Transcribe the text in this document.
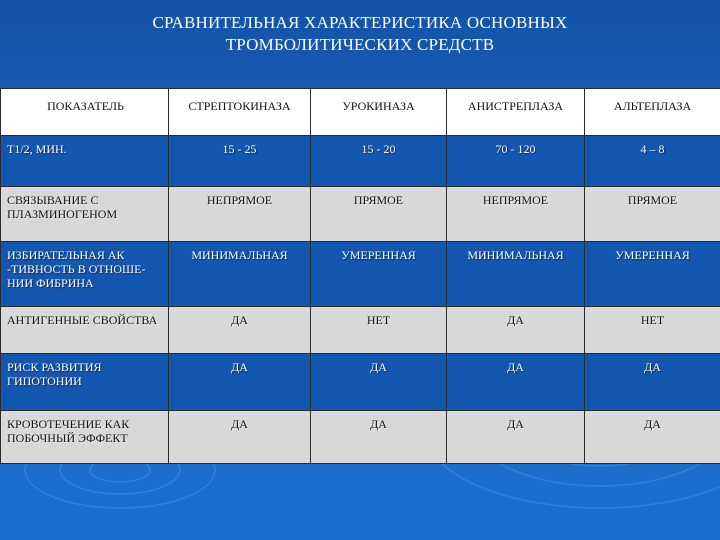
СРАВНИТЕЛЬНАЯ ХАРАКТЕРИСТИКА ОСНОВНЫХ
ТРОМБОЛИТИЧЕСКИХ СРЕДСТВ
ПОКАЗАТЕЛЬ	СТРЕПТОКИНАЗА	УРОКИНАЗА	АНИСТРЕПЛАЗА	АЛЬТЕПЛАЗА
Т1/2, МИН.	15 - 25	15 - 20	70 - 120	4 – 8
СВЯЗЫВАНИЕ С ПЛАЗМИНОГЕНОМ	НЕПРЯМОЕ	ПРЯМОЕ	НЕПРЯМОЕ	ПРЯМОЕ
ИЗБИРАТЕЛЬНАЯ АК -ТИВНОСТЬ В ОТНОШЕ-НИИ ФИБРИНА	МИНИМАЛЬНАЯ	УМЕРЕННАЯ	МИНИМАЛЬНАЯ	УМЕРЕННАЯ
АНТИГЕННЫЕ СВОЙСТВА	ДА	НЕТ	ДА	НЕТ
РИСК РАЗВИТИЯ ГИПОТОНИИ	ДА	ДА	ДА	ДА
КРОВОТЕЧЕНИЕ КАК ПОБОЧНЫЙ ЭФФЕКТ	ДА	ДА	ДА	ДА
